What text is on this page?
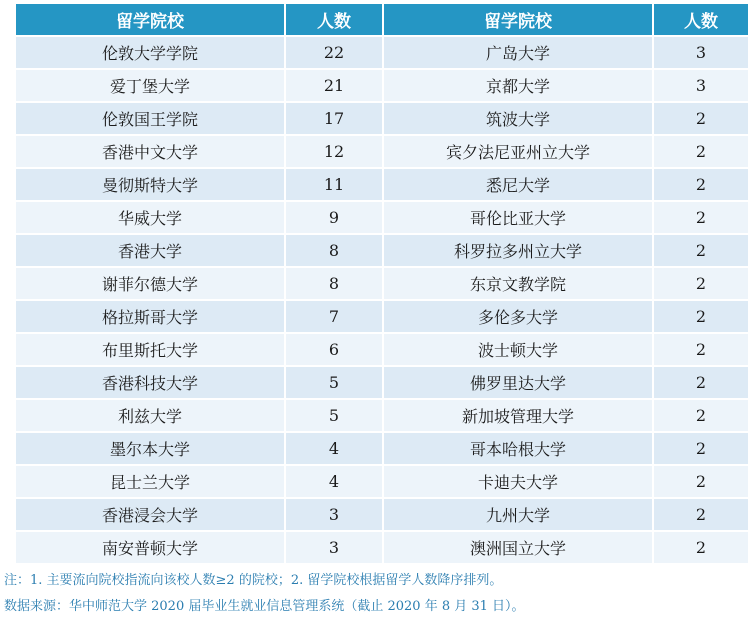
留学院校	人数	留学院校	人数
伦敦大学学院	22	广岛大学	3
爱丁堡大学	21	京都大学	3
伦敦国王学院	17	筑波大学	2
香港中文大学	12	宾夕法尼亚州立大学	2
曼彻斯特大学	11	悉尼大学	2
华威大学	9	哥伦比亚大学	2
香港大学	8	科罗拉多州立大学	2
谢菲尔德大学	8	东京文教学院	2
格拉斯哥大学	7	多伦多大学	2
布里斯托大学	6	波士顿大学	2
香港科技大学	5	佛罗里达大学	2
利兹大学	5	新加坡管理大学	2
墨尔本大学	4	哥本哈根大学	2
昆士兰大学	4	卡迪夫大学	2
香港浸会大学	3	九州大学	2
南安普顿大学	3	澳洲国立大学	2
注：1. 主要流向院校指流向该校人数≥2 的院校；2. 留学院校根据留学人数降序排列。
数据来源：华中师范大学 2020 届毕业生就业信息管理系统（截止 2020 年 8 月 31 日）。
